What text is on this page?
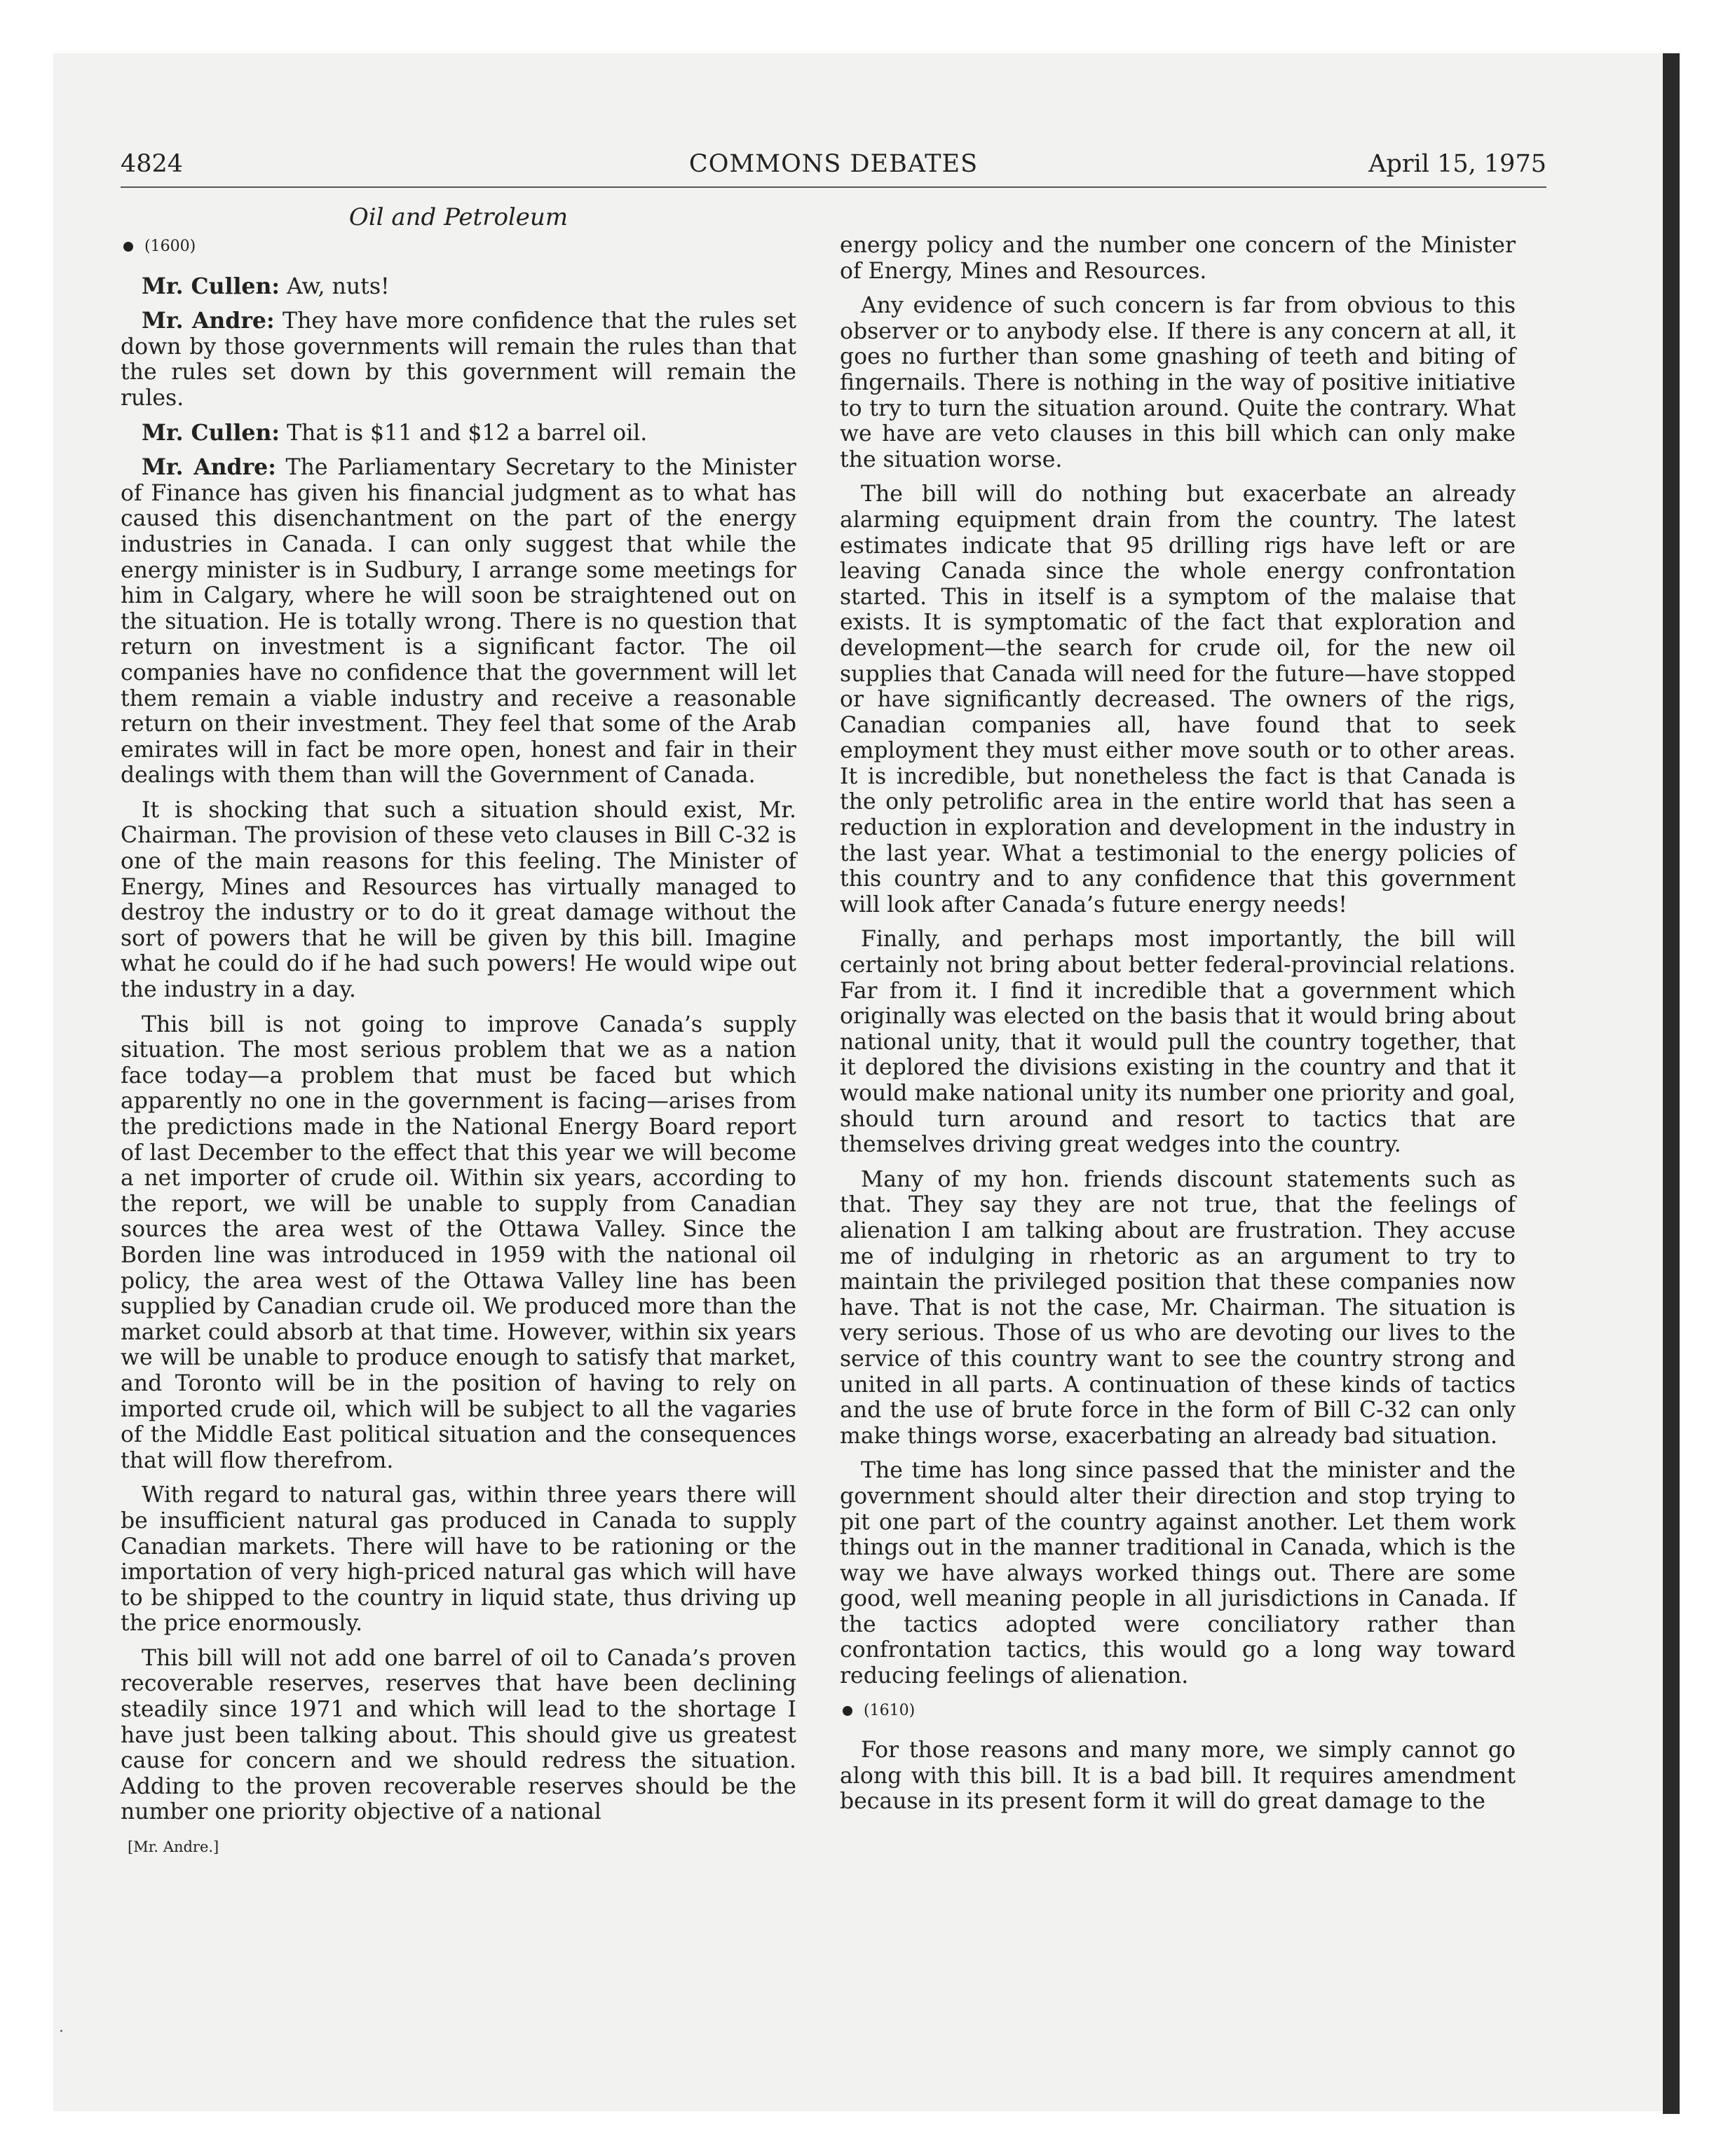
4824	COMMONS DEBATES	April 15, 1975
Oil and Petroleum
(1600)

Mr. Cullen: Aw, nuts!

Mr. Andre: They have more confidence that the rules set down by those governments will remain the rules than that the rules set down by this government will remain the rules.

Mr. Cullen: That is $11 and $12 a barrel oil.

Mr. Andre: The Parliamentary Secretary to the Minister of Finance has given his financial judgment as to what has caused this disenchantment on the part of the energy industries in Canada. I can only suggest that while the energy minister is in Sudbury, I arrange some meetings for him in Calgary, where he will soon be straightened out on the situation. He is totally wrong. There is no question that return on investment is a significant factor. The oil companies have no confidence that the government will let them remain a viable industry and receive a reasonable return on their investment. They feel that some of the Arab emirates will in fact be more open, honest and fair in their dealings with them than will the Government of Canada.

It is shocking that such a situation should exist, Mr. Chairman. The provision of these veto clauses in Bill C-32 is one of the main reasons for this feeling. The Minister of Energy, Mines and Resources has virtually managed to destroy the industry or to do it great damage without the sort of powers that he will be given by this bill. Imagine what he could do if he had such powers! He would wipe out the industry in a day.

This bill is not going to improve Canada’s supply situation. The most serious problem that we as a nation face today—a problem that must be faced but which apparently no one in the government is facing—arises from the predictions made in the National Energy Board report of last December to the effect that this year we will become a net importer of crude oil. Within six years, according to the report, we will be unable to supply from Canadian sources the area west of the Ottawa Valley. Since the Borden line was introduced in 1959 with the national oil policy, the area west of the Ottawa Valley line has been supplied by Canadian crude oil. We produced more than the market could absorb at that time. However, within six years we will be unable to produce enough to satisfy that market, and Toronto will be in the position of having to rely on imported crude oil, which will be subject to all the vagaries of the Middle East political situation and the consequences that will flow therefrom.

With regard to natural gas, within three years there will be insufficient natural gas produced in Canada to supply Canadian markets. There will have to be rationing or the importation of very high-priced natural gas which will have to be shipped to the country in liquid state, thus driving up the price enormously.

This bill will not add one barrel of oil to Canada’s proven recoverable reserves, reserves that have been declining steadily since 1971 and which will lead to the shortage I have just been talking about. This should give us greatest cause for concern and we should redress the situation. Adding to the proven recoverable reserves should be the number one priority objective of a national

[Mr. Andre.]

energy policy and the number one concern of the Minister of Energy, Mines and Resources.

Any evidence of such concern is far from obvious to this observer or to anybody else. If there is any concern at all, it goes no further than some gnashing of teeth and biting of fingernails. There is nothing in the way of positive initiative to try to turn the situation around. Quite the contrary. What we have are veto clauses in this bill which can only make the situation worse.

The bill will do nothing but exacerbate an already alarming equipment drain from the country. The latest estimates indicate that 95 drilling rigs have left or are leaving Canada since the whole energy confrontation started. This in itself is a symptom of the malaise that exists. It is symptomatic of the fact that exploration and development—the search for crude oil, for the new oil supplies that Canada will need for the future—have stopped or have significantly decreased. The owners of the rigs, Canadian companies all, have found that to seek employment they must either move south or to other areas. It is incredible, but nonetheless the fact is that Canada is the only petrolific area in the entire world that has seen a reduction in exploration and development in the industry in the last year. What a testimonial to the energy policies of this country and to any confidence that this government will look after Canada’s future energy needs!

Finally, and perhaps most importantly, the bill will certainly not bring about better federal-provincial relations. Far from it. I find it incredible that a government which originally was elected on the basis that it would bring about national unity, that it would pull the country together, that it deplored the divisions existing in the country and that it would make national unity its number one priority and goal, should turn around and resort to tactics that are themselves driving great wedges into the country.

Many of my hon. friends discount statements such as that. They say they are not true, that the feelings of alienation I am talking about are frustration. They accuse me of indulging in rhetoric as an argument to try to maintain the privileged position that these companies now have. That is not the case, Mr. Chairman. The situation is very serious. Those of us who are devoting our lives to the service of this country want to see the country strong and united in all parts. A continuation of these kinds of tactics and the use of brute force in the form of Bill C-32 can only make things worse, exacerbating an already bad situation.

The time has long since passed that the minister and the government should alter their direction and stop trying to pit one part of the country against another. Let them work things out in the manner traditional in Canada, which is the way we have always worked things out. There are some good, well meaning people in all jurisdictions in Canada. If the tactics adopted were conciliatory rather than confrontation tactics, this would go a long way toward reducing feelings of alienation.

(1610)

For those reasons and many more, we simply cannot go along with this bill. It is a bad bill. It requires amendment because in its present form it will do great damage to the
